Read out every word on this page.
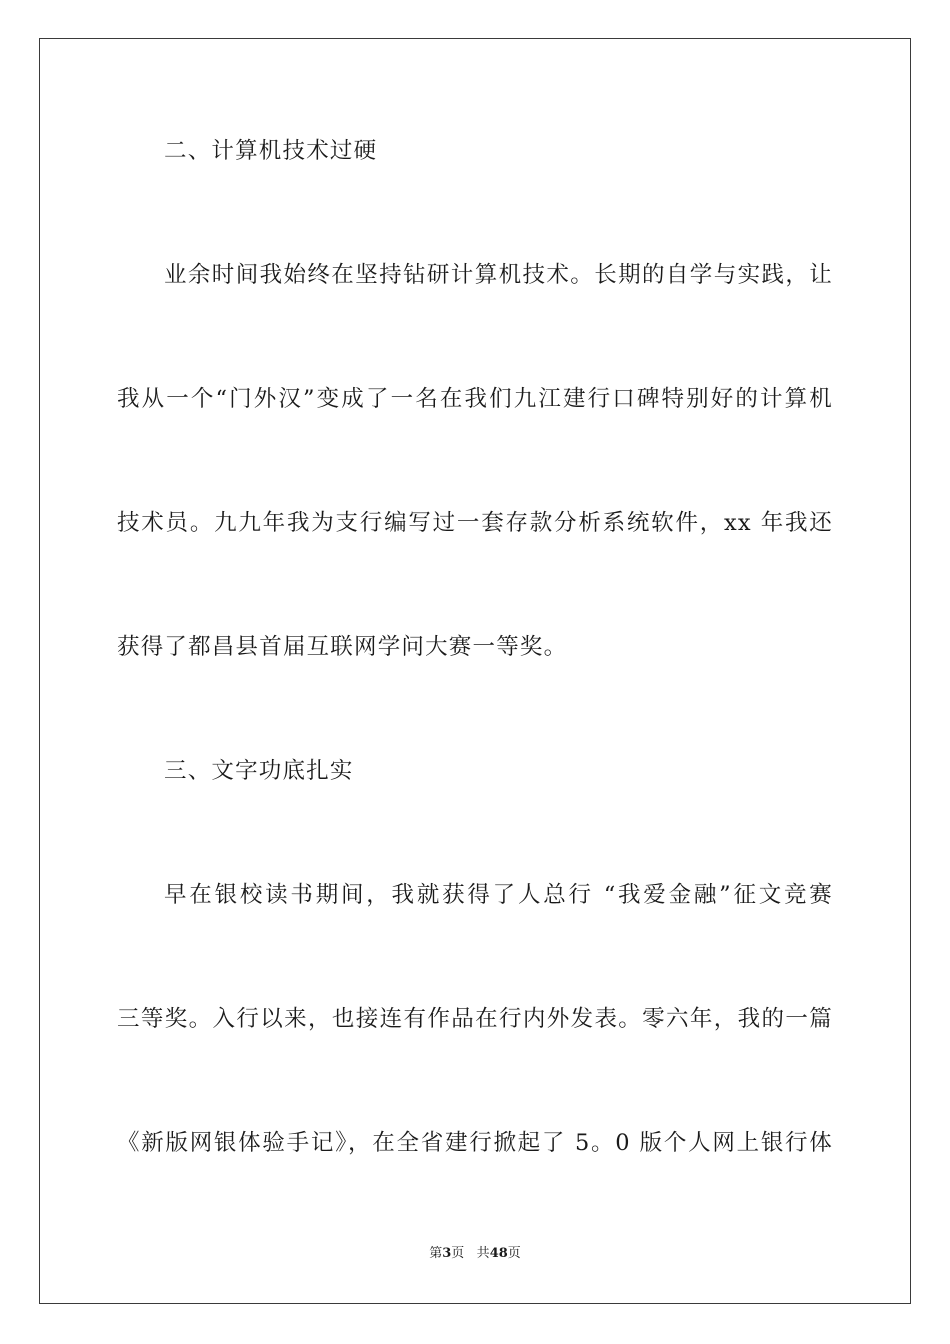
二、计算机技术过硬
业余时间我始终在坚持钻研计算机技术。长期的自学与实践，让
我从一个“门外汉”变成了一名在我们九江建行口碑特别好的计算机
技术员。九九年我为支行编写过一套存款分析系统软件，xx 年我还
获得了都昌县首届互联网学问大赛一等奖。
三、文字功底扎实
早在银校读书期间，我就获得了人总行 “我爱金融”征文竞赛
三等奖。入行以来，也接连有作品在行内外发表。零六年，我的一篇
《新版网银体验手记》，在全省建行掀起了 5。0 版个人网上银行体
第3页 共48页
